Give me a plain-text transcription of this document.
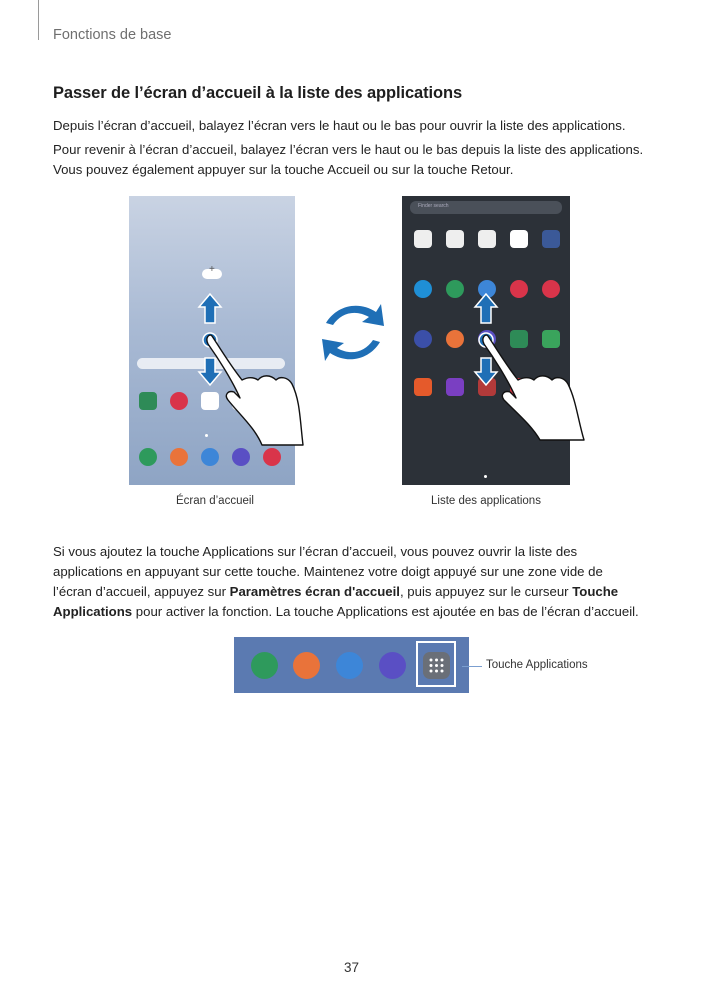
Fonctions de base
Passer de l’écran d’accueil à la liste des applications
Depuis l’écran d’accueil, balayez l’écran vers le haut ou le bas pour ouvrir la liste des applications.
Pour revenir à l’écran d’accueil, balayez l’écran vers le haut ou le bas depuis la liste des applications.
Vous pouvez également appuyer sur la touche Accueil ou sur la touche Retour.
+
Finder search
Écran d’accueil	Liste des applications
Si vous ajoutez la touche Applications sur l’écran d’accueil, vous pouvez ouvrir la liste des
applications en appuyant sur cette touche. Maintenez votre doigt appuyé sur une zone vide de
l’écran d’accueil, appuyez sur Paramètres écran d'accueil, puis appuyez sur le curseur Touche
Applications pour activer la fonction. La touche Applications est ajoutée en bas de l’écran d’accueil.
Touche Applications
37
